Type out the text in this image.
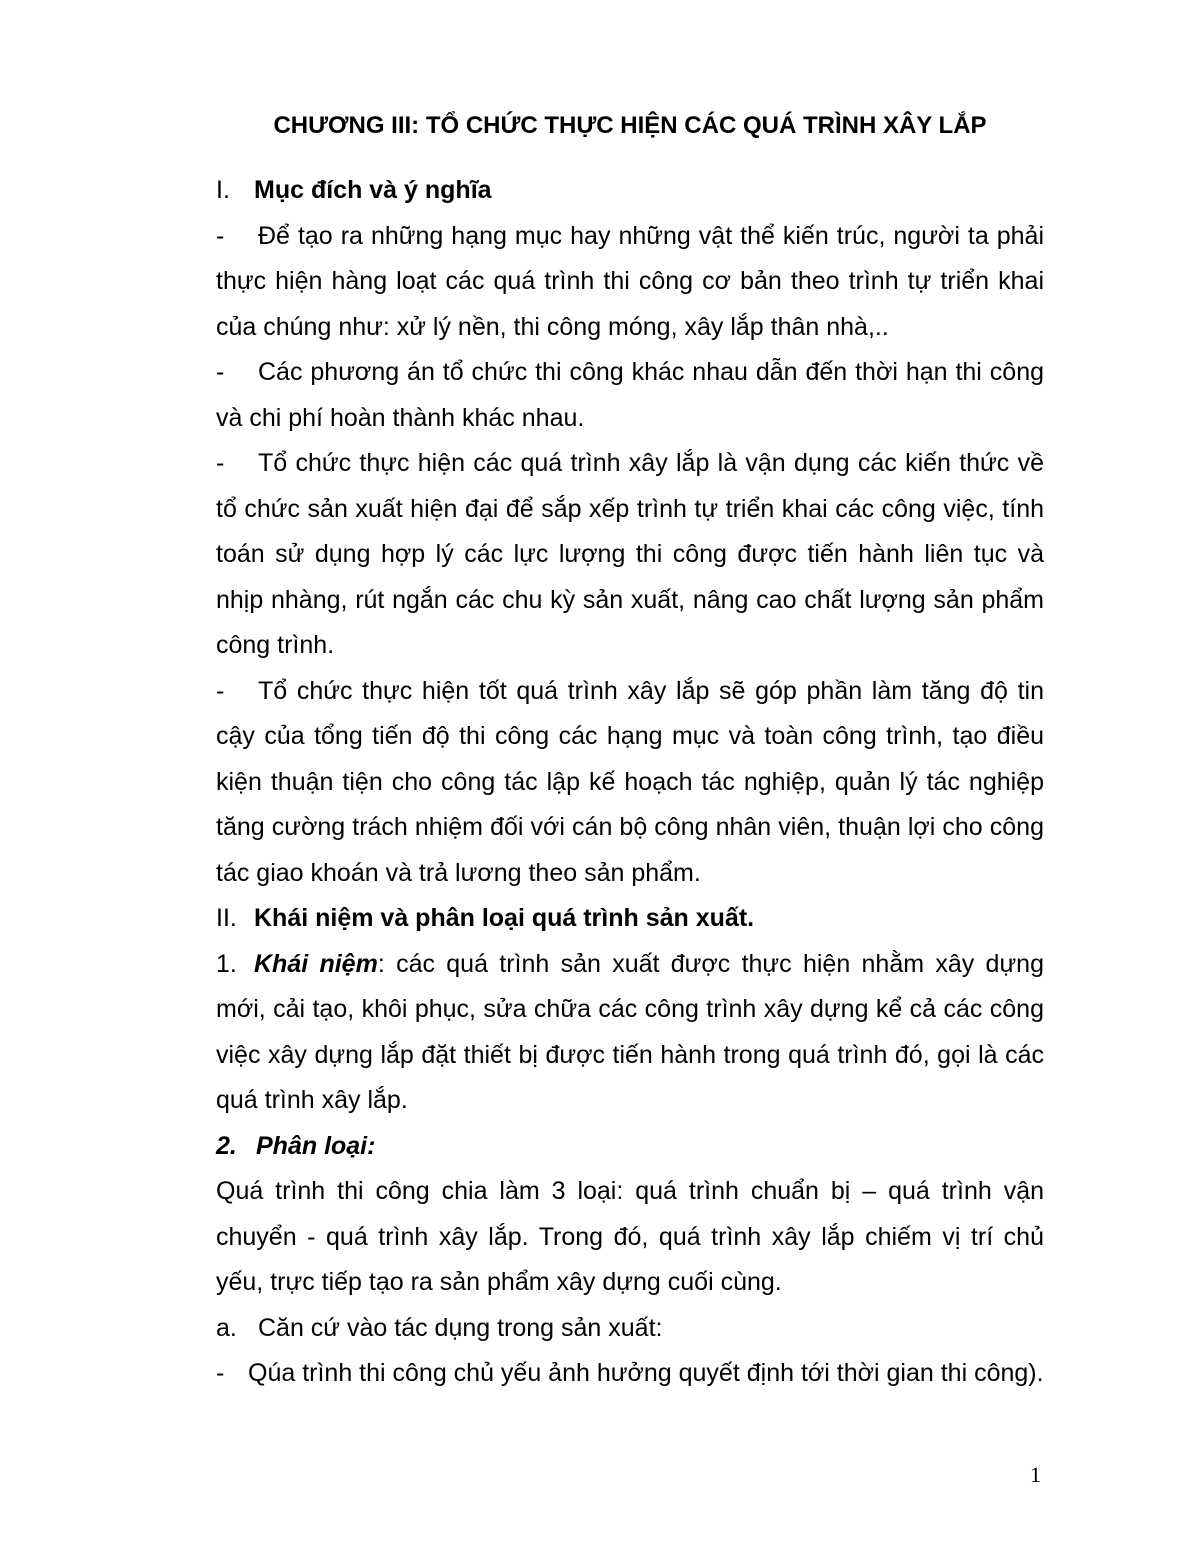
CHƯƠNG III: TỔ CHỨC THỰC HIỆN CÁC QUÁ TRÌNH XÂY LẮP

I. Mục đích và ý nghĩa

- Để tạo ra những hạng mục hay những vật thể kiến trúc, người ta phải thực hiện hàng loạt các quá trình thi công cơ bản theo trình tự triển khai của chúng như: xử lý nền, thi công móng, xây lắp thân nhà,..

- Các phương án tổ chức thi công khác nhau dẫn đến thời hạn thi công và chi phí hoàn thành khác nhau.

- Tổ chức thực hiện các quá trình xây lắp là vận dụng các kiến thức về tổ chức sản xuất hiện đại để sắp xếp trình tự triển khai các công việc, tính toán sử dụng hợp lý các lực lượng thi công được tiến hành liên tục và nhịp nhàng, rút ngắn các chu kỳ sản xuất, nâng cao chất lượng sản phẩm công trình.

- Tổ chức thực hiện tốt quá trình xây lắp sẽ góp phần làm tăng độ tin cậy của tổng tiến độ thi công các hạng mục và toàn công trình, tạo điều kiện thuận tiện cho công tác lập kế hoạch tác nghiệp, quản lý tác nghiệp tăng cường trách nhiệm đối với cán bộ công nhân viên, thuận lợi cho công tác giao khoán và trả lương theo sản phẩm.

II. Khái niệm và phân loại quá trình sản xuất.

1. Khái niệm: các quá trình sản xuất được thực hiện nhằm xây dựng mới, cải tạo, khôi phục, sửa chữa các công trình xây dựng kể cả các công việc xây dựng lắp đặt thiết bị được tiến hành trong quá trình đó, gọi là các quá trình xây lắp.

2. Phân loại:

Quá trình thi công chia làm 3 loại: quá trình chuẩn bị – quá trình vận chuyển - quá trình xây lắp. Trong đó, quá trình xây lắp chiếm vị trí chủ yếu, trực tiếp tạo ra sản phẩm xây dựng cuối cùng.

a. Căn cứ vào tác dụng trong sản xuất:

- Qúa trình thi công chủ yếu ảnh hưởng quyết định tới thời gian thi công).

1
